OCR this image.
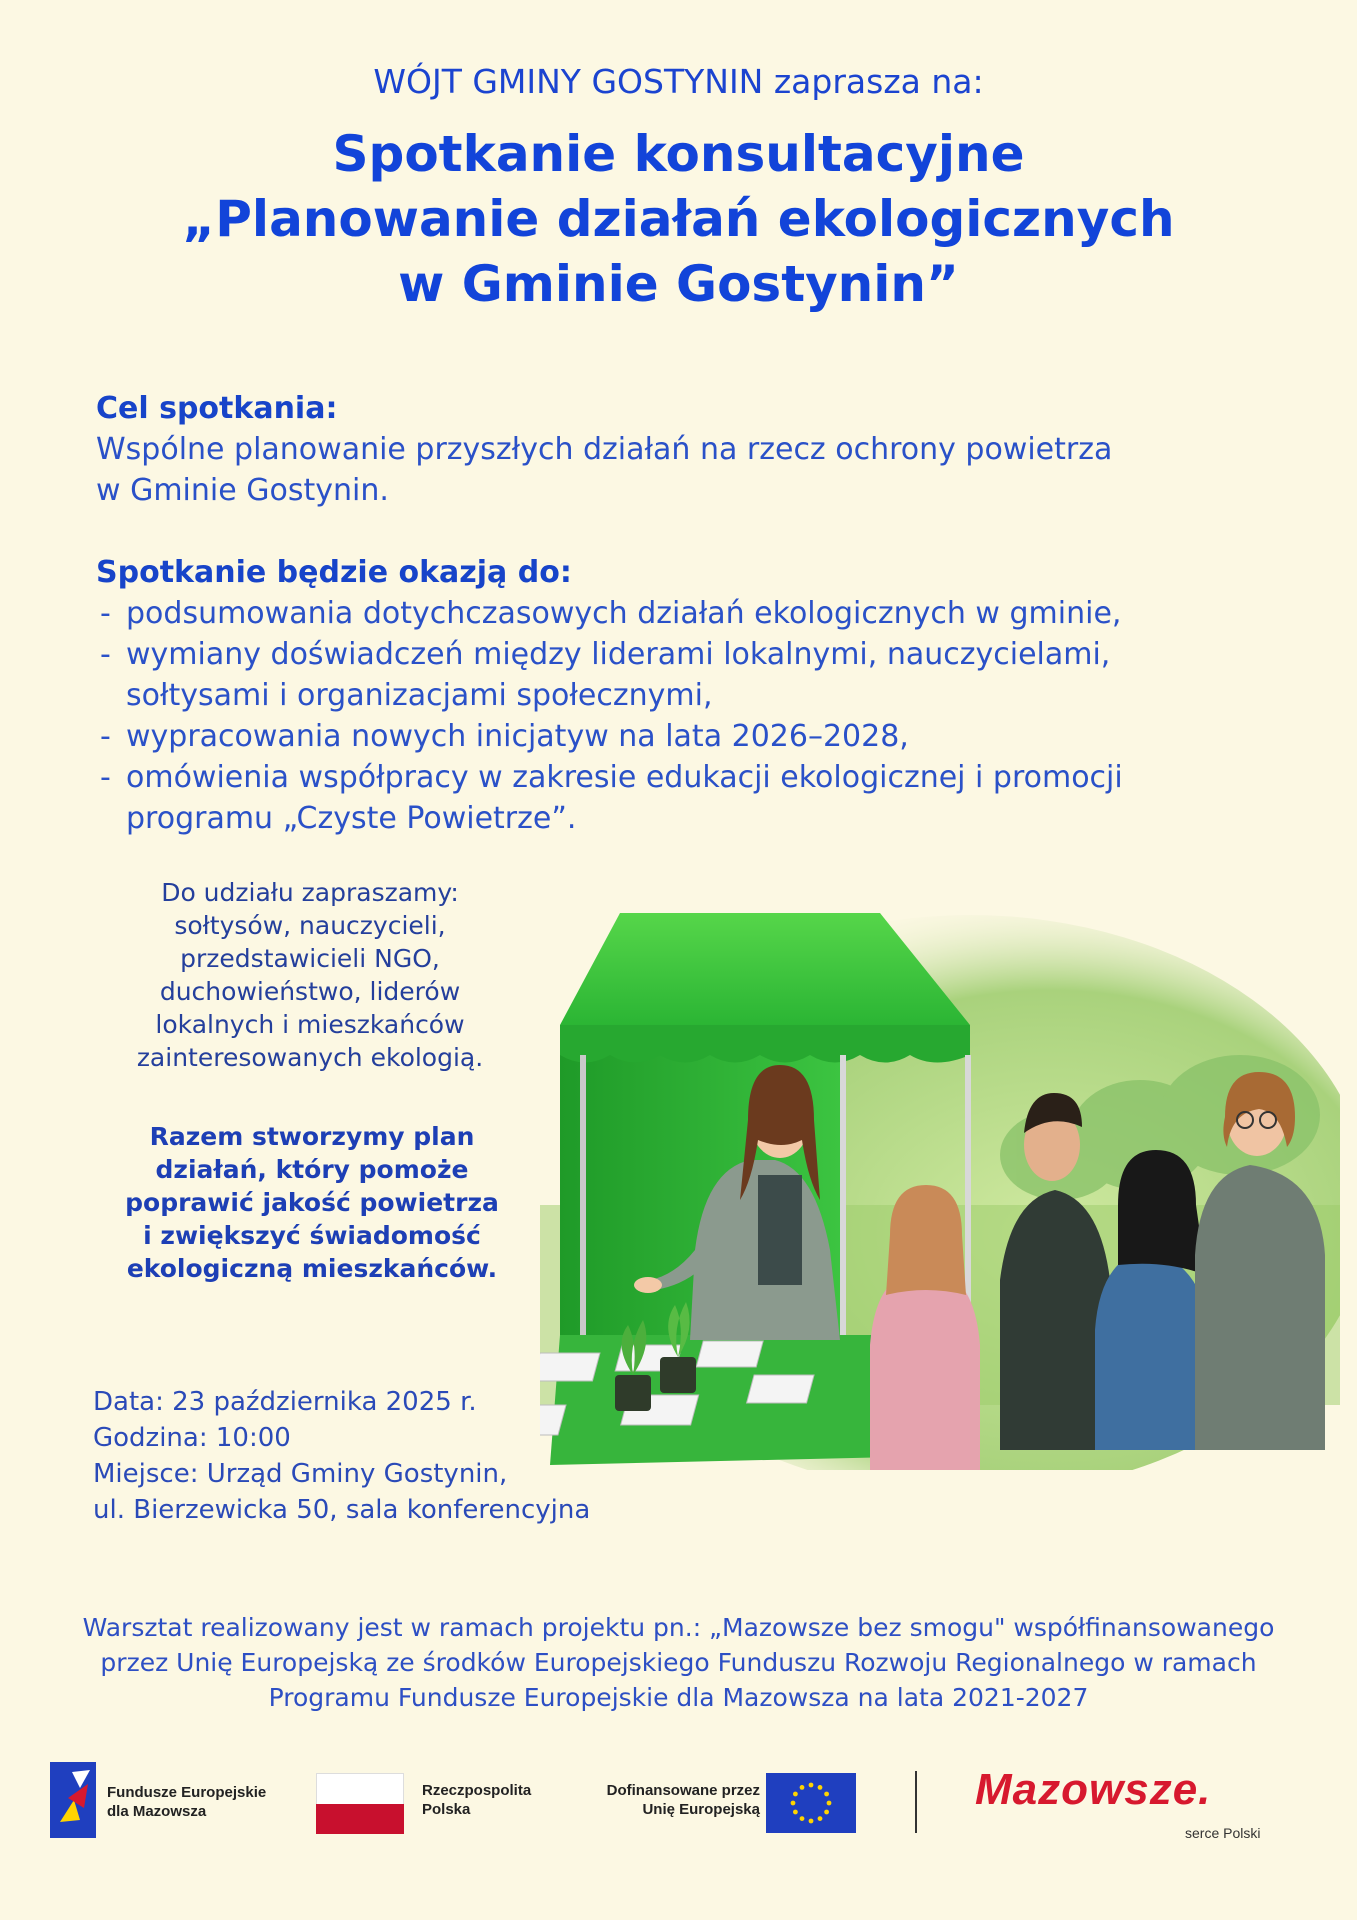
WÓJT GMINY GOSTYNIN zaprasza na:
Spotkanie konsultacyjne
„Planowanie działań ekologicznych
w Gminie Gostynin”
Cel spotkania:
Wspólne planowanie przyszłych działań na rzecz ochrony powietrza
w Gminie Gostynin.
Spotkanie będzie okazją do:
- podsumowania dotychczasowych działań ekologicznych w gminie,
- wymiany doświadczeń między liderami lokalnymi, nauczycielami,
sołtysami i organizacjami społecznymi,
- wypracowania nowych inicjatyw na lata 2026–2028,
- omówienia współpracy w zakresie edukacji ekologicznej i promocji
programu „Czyste Powietrze”.
Do udziału zapraszamy:
sołtysów, nauczycieli,
przedstawicieli NGO,
duchowieństwo, liderów
lokalnych i mieszkańców
zainteresowanych ekologią.
Razem stworzymy plan
działań, który pomoże
poprawić jakość powietrza
i zwiększyć świadomość
ekologiczną mieszkańców.
Data: 23 października 2025 r.
Godzina: 10:00
Miejsce: Urząd Gminy Gostynin,
ul. Bierzewicka 50, sala konferencyjna
Warsztat realizowany jest w ramach projektu pn.: „Mazowsze bez smogu" współfinansowanego
przez Unię Europejską ze środków Europejskiego Funduszu Rozwoju Regionalnego w ramach
Programu Fundusze Europejskie dla Mazowsza na lata 2021-2027
Fundusze Europejskie
dla Mazowsza
Rzeczpospolita
Polska
Dofinansowane przez
Unię Europejską	Mazowsze.
serce Polski
